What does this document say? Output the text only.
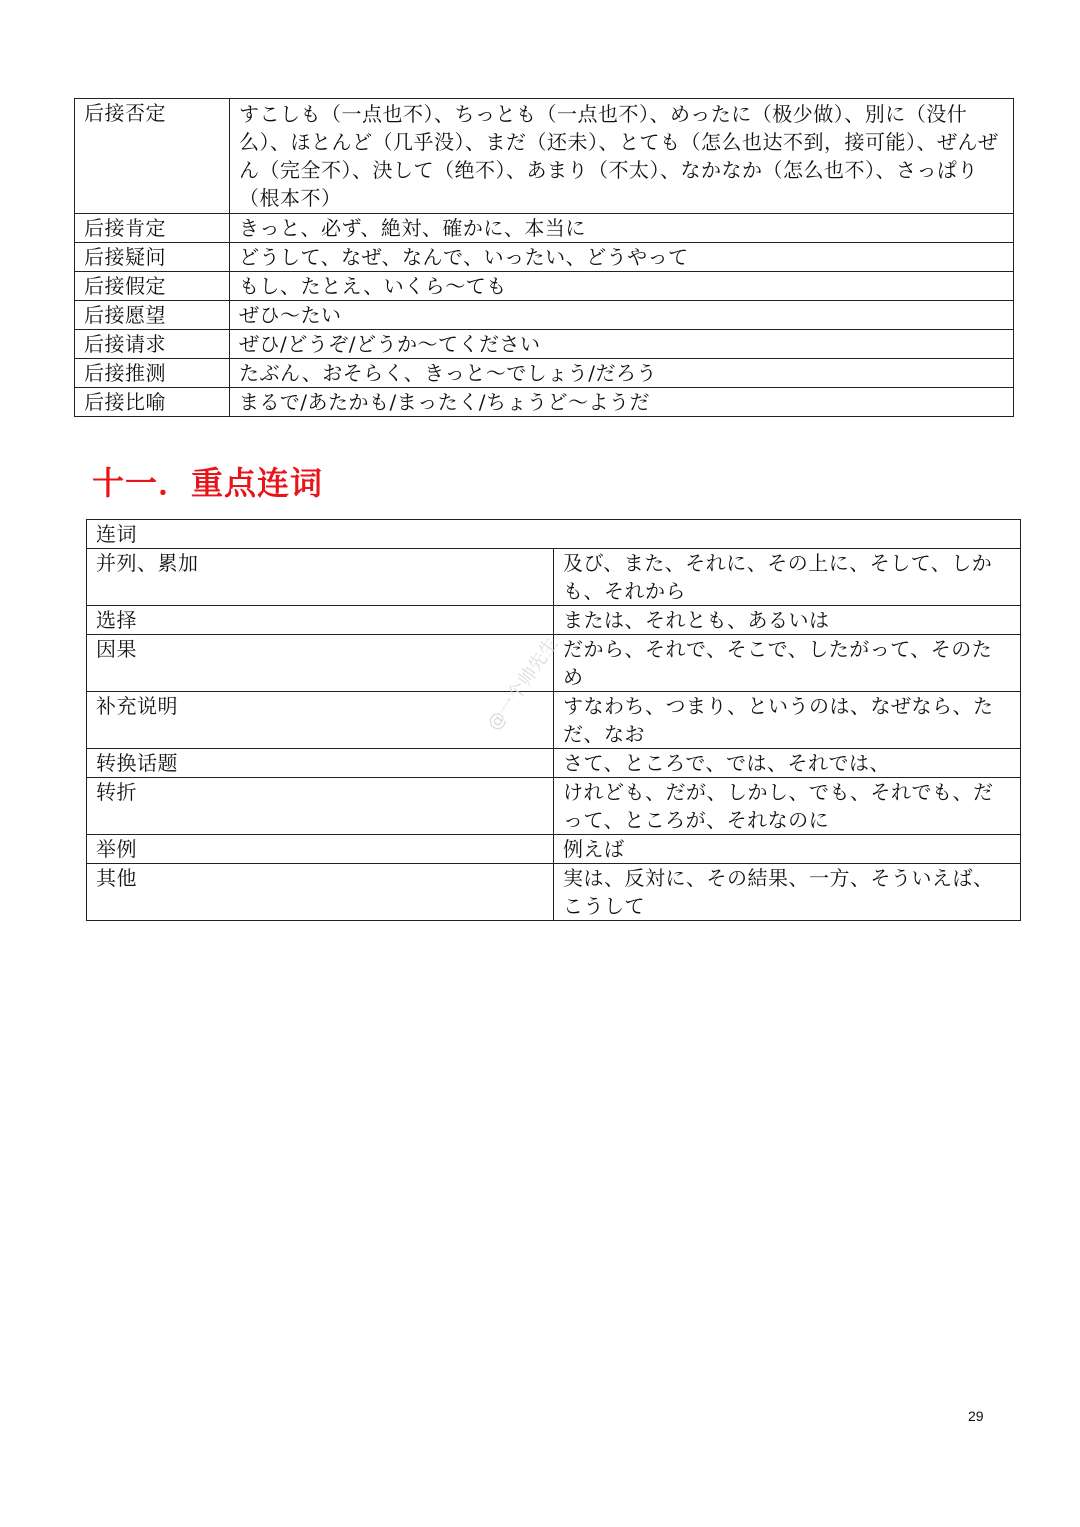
后接否定	すこしも（一点也不）、ちっとも（一点也不）、めったに（极少做）、別に（没什么）、ほとんど（几乎没）、まだ（还未）、とても（怎么也达不到，接可能）、ぜんぜん（完全不）、決して（绝不）、あまり（不太）、なかなか（怎么也不）、さっぱり（根本不）
后接肯定	きっと、必ず、絶対、確かに、本当に
后接疑问	どうして、なぜ、なんで、いったい、どうやって
后接假定	もし、たとえ、いくら～ても
后接愿望	ぜひ～たい
后接请求	ぜひ/どうぞ/どうか～てください
后接推测	たぶん、おそらく、きっと～でしょう/だろう
后接比喻	まるで/あたかも/まったく/ちょうど～ようだ
十一．重点连词
连词	
并列、累加	及び、また、それに、その上に、そして、しかも、それから
选择	または、それとも、あるいは
因果	だから、それで、そこで、したがって、そのため
补充说明	すなわち、つまり、というのは、なぜなら、ただ、なお
转换话题	さて、ところで、では、それでは、
转折	けれども、だが、しかし、でも、それでも、だって、ところが、それなのに
举例	例えば
其他	実は、反対に、その結果、一方、そういえば、こうして
@一个帅先生
29
